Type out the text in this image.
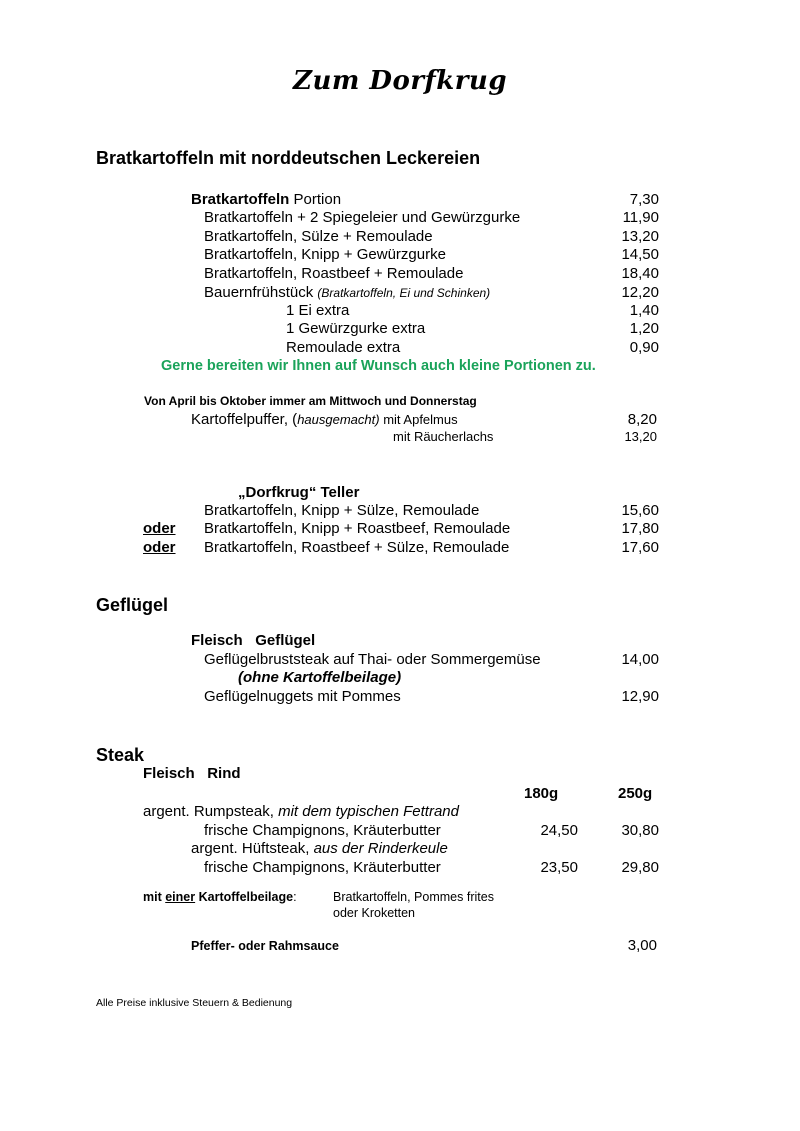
Zum Dorfkrug
Bratkartoffeln mit norddeutschen Leckereien
Bratkartoffeln Portion	7,30
Bratkartoffeln + 2 Spiegeleier und Gewürzgurke	11,90
Bratkartoffeln, Sülze + Remoulade	13,20
Bratkartoffeln, Knipp + Gewürzgurke	14,50
Bratkartoffeln, Roastbeef + Remoulade	18,40
Bauernfrühstück (Bratkartoffeln, Ei und Schinken)	12,20
1 Ei extra	1,40
1 Gewürzgurke extra	1,20
Remoulade extra	0,90
Gerne bereiten wir Ihnen auf Wunsch auch kleine Portionen zu.
Von April bis Oktober immer am Mittwoch und Donnerstag
Kartoffelpuffer, (hausgemacht) mit Apfelmus	8,20
mit Räucherlachs	13,20
„Dorfkrug“ Teller
Bratkartoffeln, Knipp + Sülze, Remoulade	15,60
oder Bratkartoffeln, Knipp + Roastbeef, Remoulade	17,80
oder Bratkartoffeln, Roastbeef + Sülze, Remoulade	17,60
Geflügel
Fleisch   Geflügel
Geflügelbruststeak auf Thai- oder Sommergemüse	14,00
(ohne Kartoffelbeilage)
Geflügelnuggets mit Pommes	12,90
Steak
Fleisch   Rind
180g	250g
argent. Rumpsteak, mit dem typischen Fettrand
frische Champignons, Kräuterbutter	24,50	30,80
argent. Hüftsteak, aus der Rinderkeule
frische Champignons, Kräuterbutter	23,50	29,80
mit einer Kartoffelbeilage:	Bratkartoffeln, Pommes frites
oder Kroketten
Pfeffer- oder Rahmsauce	3,00
Alle Preise inklusive Steuern & Bedienung
